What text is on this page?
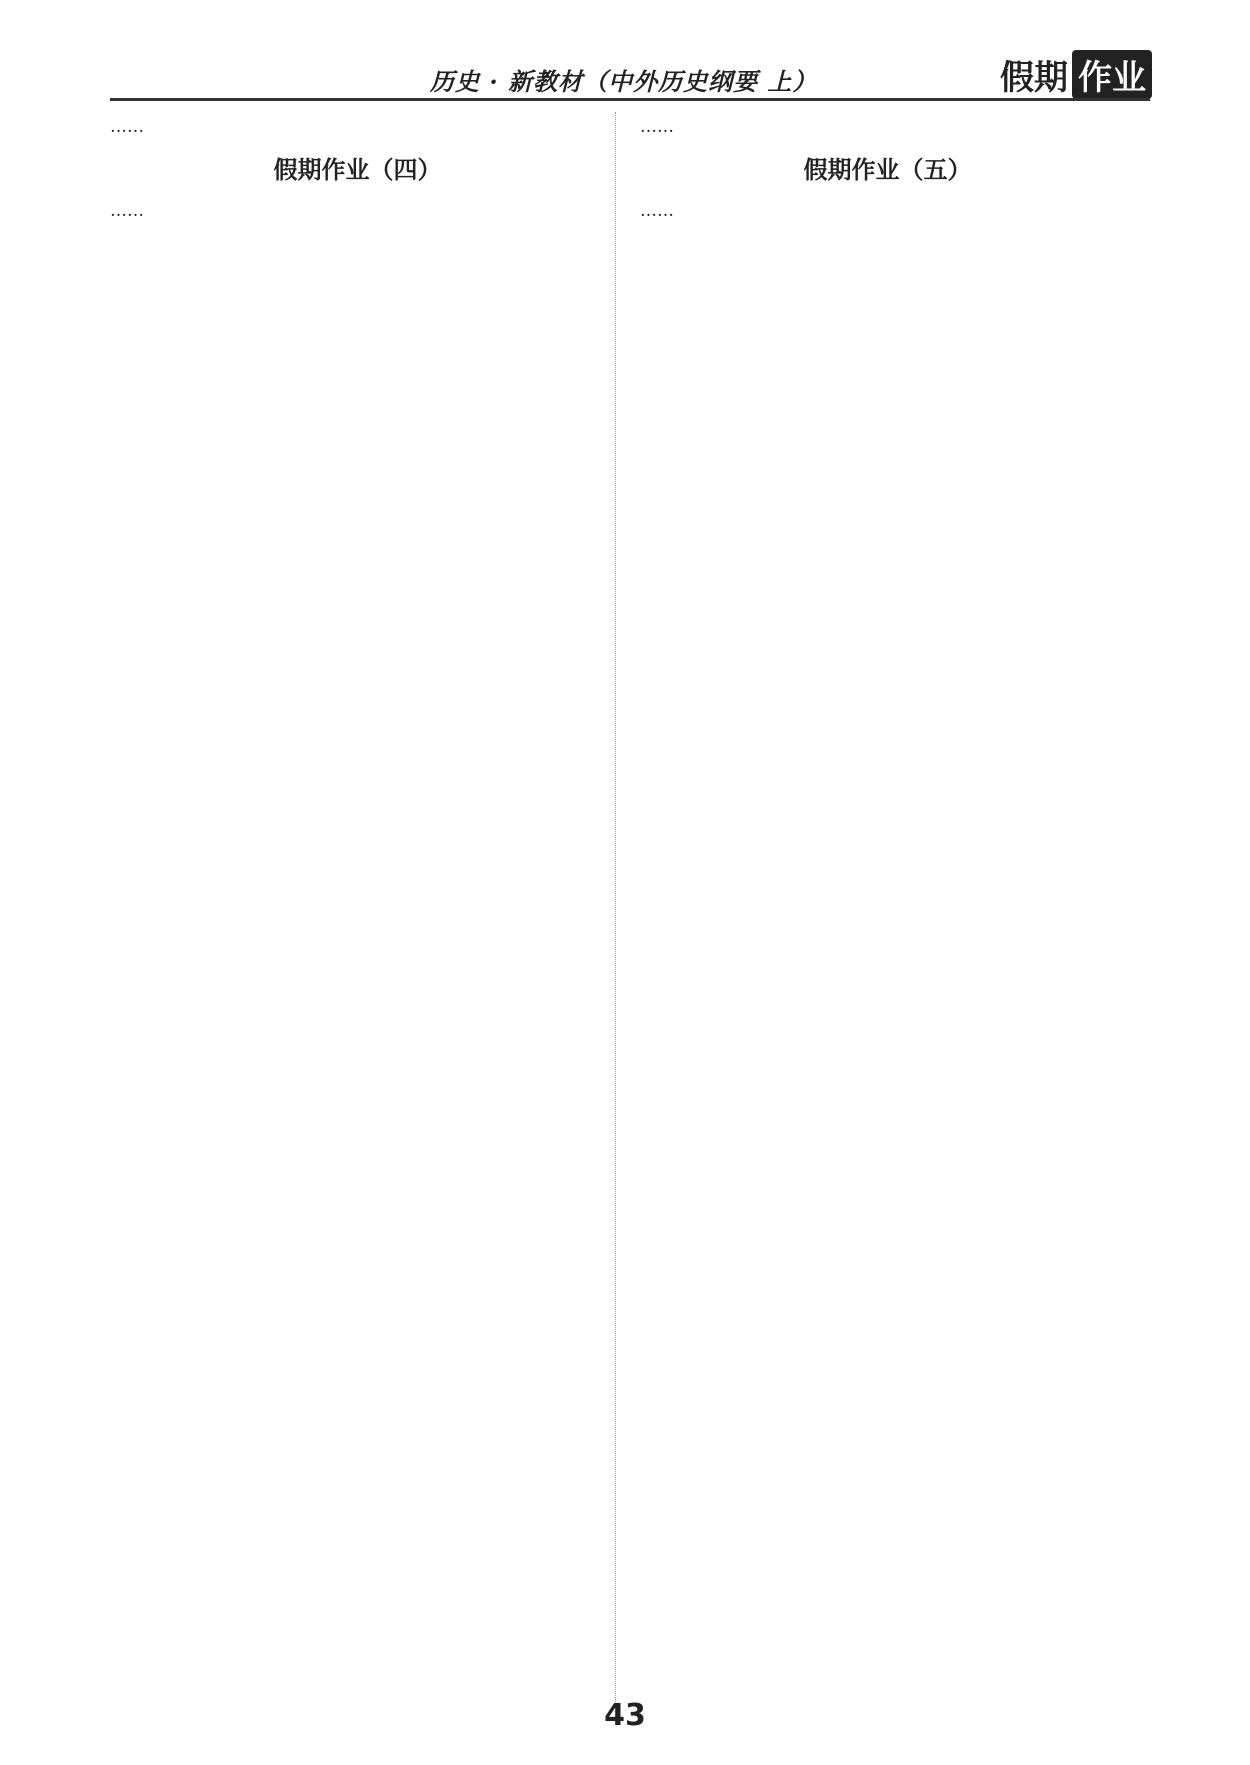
历史 · 新教材（中外历史纲要 上）	假期 作业

……

假期作业（四）

……

……

假期作业（五）

……

43
